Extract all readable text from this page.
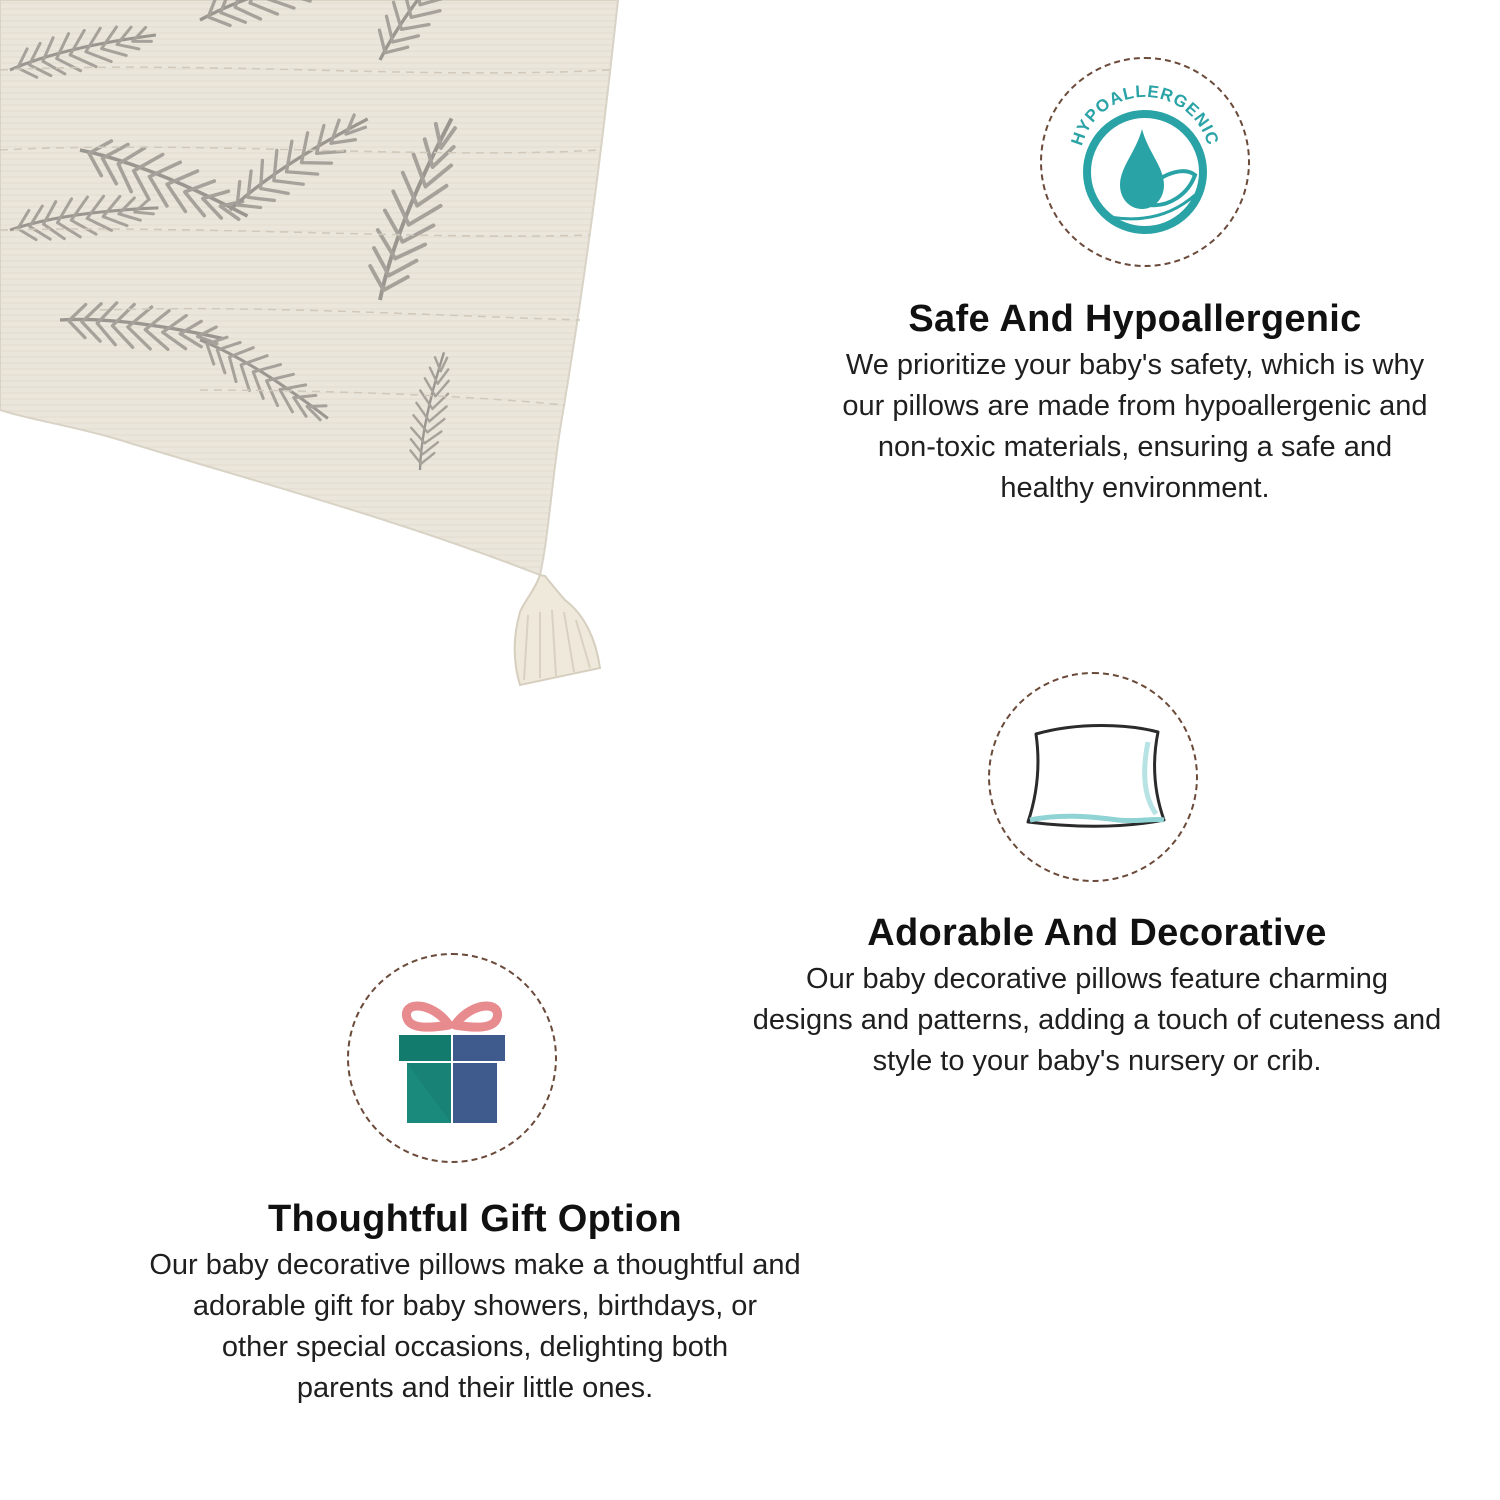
HYPOALLERGENIC
Safe And Hypoallergenic

We prioritize your baby's safety, which is why
our pillows are made from hypoallergenic and
non-toxic materials, ensuring a safe and
healthy environment.

Adorable And Decorative

Our baby decorative pillows feature charming
designs and patterns, adding a touch of cuteness and
style to your baby's nursery or crib.

Thoughtful Gift Option

Our baby decorative pillows make a thoughtful and
adorable gift for baby showers, birthdays, or
other special occasions, delighting both
parents and their little ones.
